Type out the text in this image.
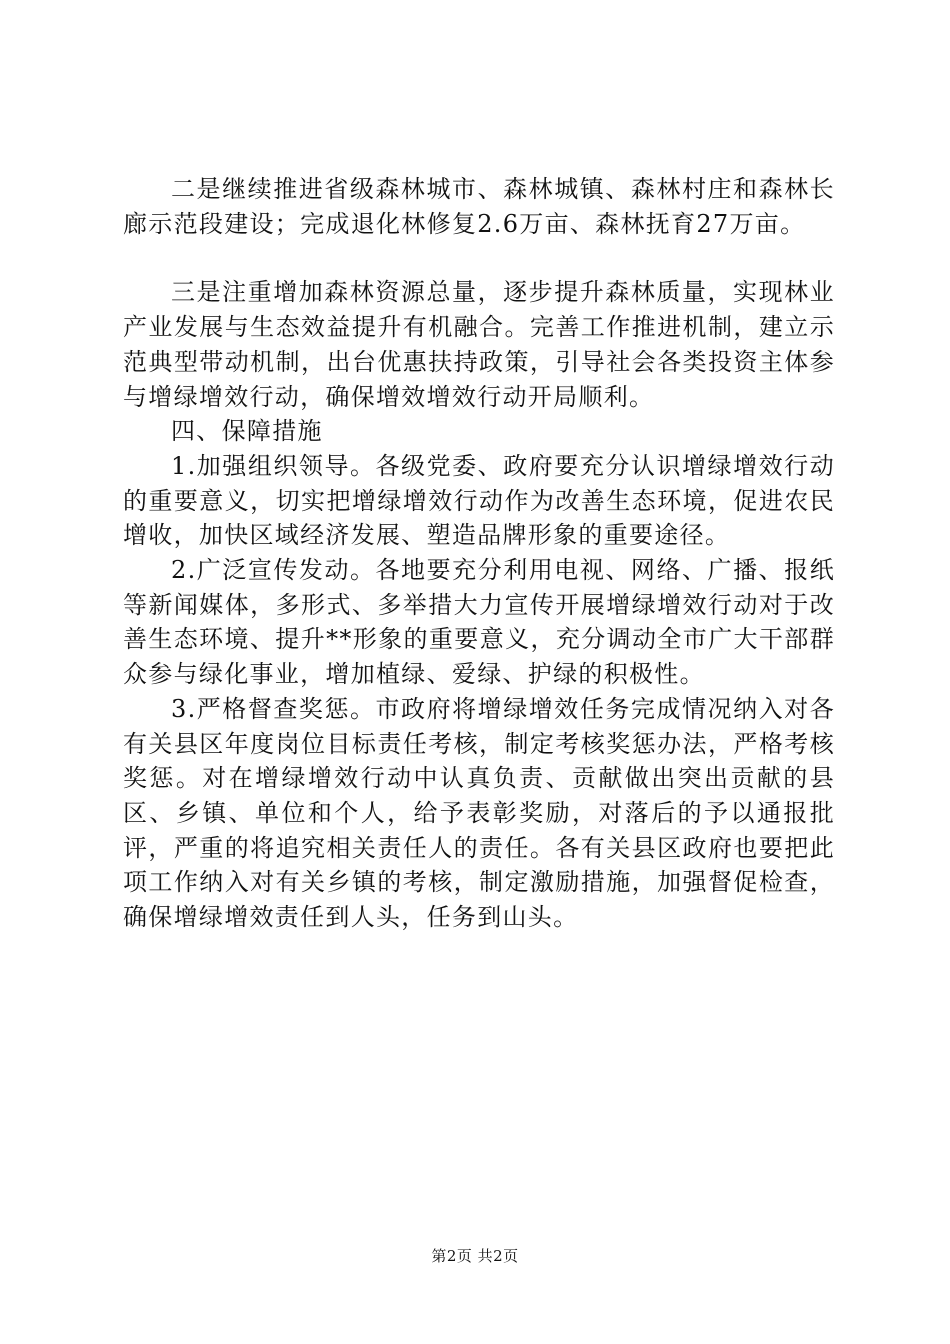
二是继续推进省级森林城市、森林城镇、森林村庄和森林长廊示范段建设；完成退化林修复2.6万亩、森林抚育27万亩。

三是注重增加森林资源总量，逐步提升森林质量，实现林业产业发展与生态效益提升有机融合。完善工作推进机制，建立示范典型带动机制，出台优惠扶持政策，引导社会各类投资主体参与增绿增效行动，确保增效增效行动开局顺利。

四、保障措施

1.加强组织领导。各级党委、政府要充分认识增绿增效行动的重要意义，切实把增绿增效行动作为改善生态环境，促进农民增收，加快区域经济发展、塑造品牌形象的重要途径。

2.广泛宣传发动。各地要充分利用电视、网络、广播、报纸等新闻媒体，多形式、多举措大力宣传开展增绿增效行动对于改善生态环境、提升**形象的重要意义，充分调动全市广大干部群众参与绿化事业，增加植绿、爱绿、护绿的积极性。

3.严格督查奖惩。市政府将增绿增效任务完成情况纳入对各有关县区年度岗位目标责任考核，制定考核奖惩办法，严格考核奖惩。对在增绿增效行动中认真负责、贡献做出突出贡献的县区、乡镇、单位和个人，给予表彰奖励，对落后的予以通报批评，严重的将追究相关责任人的责任。各有关县区政府也要把此项工作纳入对有关乡镇的考核，制定激励措施，加强督促检查，确保增绿增效责任到人头，任务到山头。

第2页 共2页
